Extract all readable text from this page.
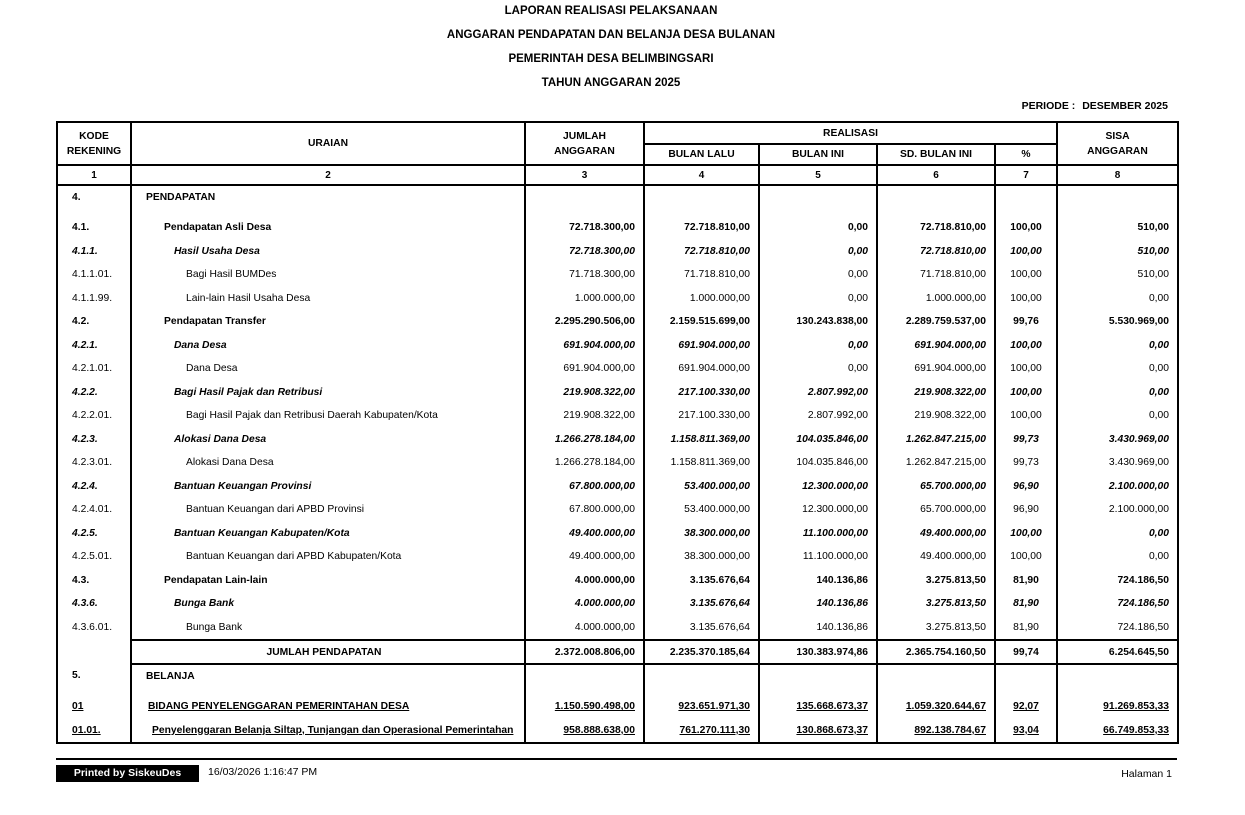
LAPORAN REALISASI PELAKSANAAN
ANGGARAN PENDAPATAN DAN BELANJA DESA BULANAN
PEMERINTAH DESA BELIMBINGSARI
TAHUN ANGGARAN 2025
PERIODE : DESEMBER 2025
KODE
REKENING	URAIAN	JUMLAH
ANGGARAN	REALISASI				SISA
ANGGARAN
			BULAN LALU	BULAN INI	SD. BULAN INI	%	
1	2	3	4	5	6	7	8
4.	PENDAPATAN						
4.1.	Pendapatan Asli Desa	72.718.300,00	72.718.810,00	0,00	72.718.810,00	100,00	510,00
4.1.1.	Hasil Usaha Desa	72.718.300,00	72.718.810,00	0,00	72.718.810,00	100,00	510,00
4.1.1.01.	Bagi Hasil BUMDes	71.718.300,00	71.718.810,00	0,00	71.718.810,00	100,00	510,00
4.1.1.99.	Lain-lain Hasil Usaha Desa	1.000.000,00	1.000.000,00	0,00	1.000.000,00	100,00	0,00
4.2.	Pendapatan Transfer	2.295.290.506,00	2.159.515.699,00	130.243.838,00	2.289.759.537,00	99,76	5.530.969,00
4.2.1.	Dana Desa	691.904.000,00	691.904.000,00	0,00	691.904.000,00	100,00	0,00
4.2.1.01.	Dana Desa	691.904.000,00	691.904.000,00	0,00	691.904.000,00	100,00	0,00
4.2.2.	Bagi Hasil Pajak dan Retribusi	219.908.322,00	217.100.330,00	2.807.992,00	219.908.322,00	100,00	0,00
4.2.2.01.	Bagi Hasil Pajak dan Retribusi Daerah Kabupaten/Kota	219.908.322,00	217.100.330,00	2.807.992,00	219.908.322,00	100,00	0,00
4.2.3.	Alokasi Dana Desa	1.266.278.184,00	1.158.811.369,00	104.035.846,00	1.262.847.215,00	99,73	3.430.969,00
4.2.3.01.	Alokasi Dana Desa	1.266.278.184,00	1.158.811.369,00	104.035.846,00	1.262.847.215,00	99,73	3.430.969,00
4.2.4.	Bantuan Keuangan Provinsi	67.800.000,00	53.400.000,00	12.300.000,00	65.700.000,00	96,90	2.100.000,00
4.2.4.01.	Bantuan Keuangan dari APBD Provinsi	67.800.000,00	53.400.000,00	12.300.000,00	65.700.000,00	96,90	2.100.000,00
4.2.5.	Bantuan Keuangan Kabupaten/Kota	49.400.000,00	38.300.000,00	11.100.000,00	49.400.000,00	100,00	0,00
4.2.5.01.	Bantuan Keuangan dari APBD Kabupaten/Kota	49.400.000,00	38.300.000,00	11.100.000,00	49.400.000,00	100,00	0,00
4.3.	Pendapatan Lain-lain	4.000.000,00	3.135.676,64	140.136,86	3.275.813,50	81,90	724.186,50
4.3.6.	Bunga Bank	4.000.000,00	3.135.676,64	140.136,86	3.275.813,50	81,90	724.186,50
4.3.6.01.	Bunga Bank	4.000.000,00	3.135.676,64	140.136,86	3.275.813,50	81,90	724.186,50
	JUMLAH PENDAPATAN	2.372.008.806,00	2.235.370.185,64	130.383.974,86	2.365.754.160,50	99,74	6.254.645,50
5.	BELANJA						
01	BIDANG PENYELENGGARAN PEMERINTAHAN DESA	1.150.590.498,00	923.651.971,30	135.668.673,37	1.059.320.644,67	92,07	91.269.853,33
01.01.	Penyelenggaran Belanja Siltap, Tunjangan dan Operasional Pemerintahan	958.888.638,00	761.270.111,30	130.868.673,37	892.138.784,67	93,04	66.749.853,33
Printed by SiskeuDes	16/03/2026 1:16:47 PM	Halaman 1
